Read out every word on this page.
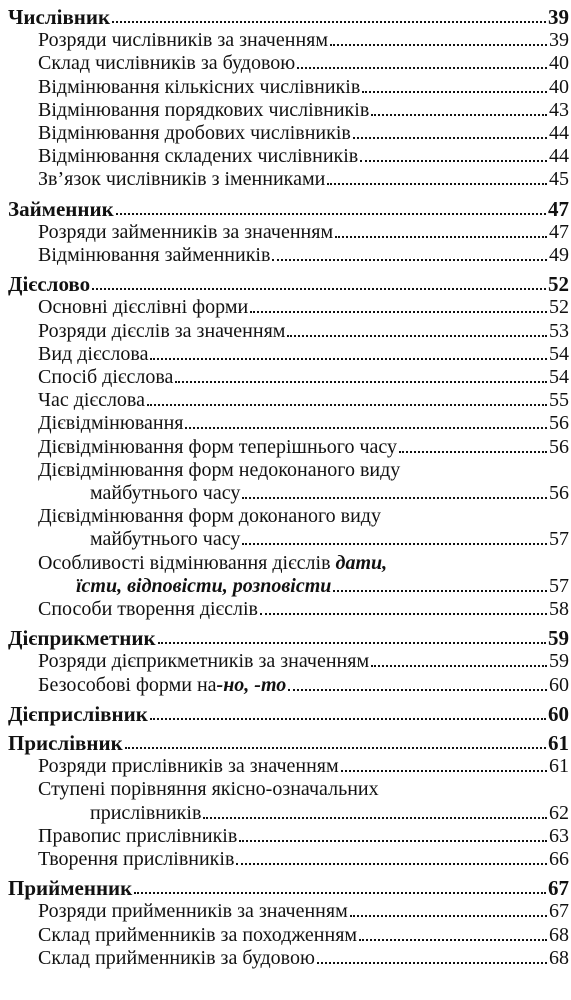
Числівник	39
Розряди числівників за значенням	39
Склад числівників за будовою	40
Відмінювання кількісних числівників	40
Відмінювання порядкових числівників	43
Відмінювання дробових числівників	44
Відмінювання складених числівників	44
Зв’язок числівників з іменниками	45
Займенник	47
Розряди займенників за значенням	47
Відмінювання займенників	49
Дієслово	52
Основні дієслівні форми	52
Розряди дієслів за значенням	53
Вид дієслова	54
Спосіб дієслова	54
Час дієслова	55
Дієвідмінювання	56
Дієвідмінювання форм теперішнього часу	56
Дієвідмінювання форм недоконаного виду
майбутнього часу	56
Дієвідмінювання форм доконаного виду
майбутнього часу	57
Особливості відмінювання дієслів дати,
їсти, відповісти, розповісти	57
Способи творення дієслів	58
Дієприкметник	59
Розряди дієприкметників за значенням	59
Безособові форми на -но, -то	60
Дієприслівник	60
Прислівник	61
Розряди прислівників за значенням	61
Ступені порівняння якісно-означальних
прислівників	62
Правопис прислівників	63
Творення прислівників	66
Прийменник	67
Розряди прийменників за значенням	67
Склад прийменників за походженням	68
Склад прийменників за будовою	68
